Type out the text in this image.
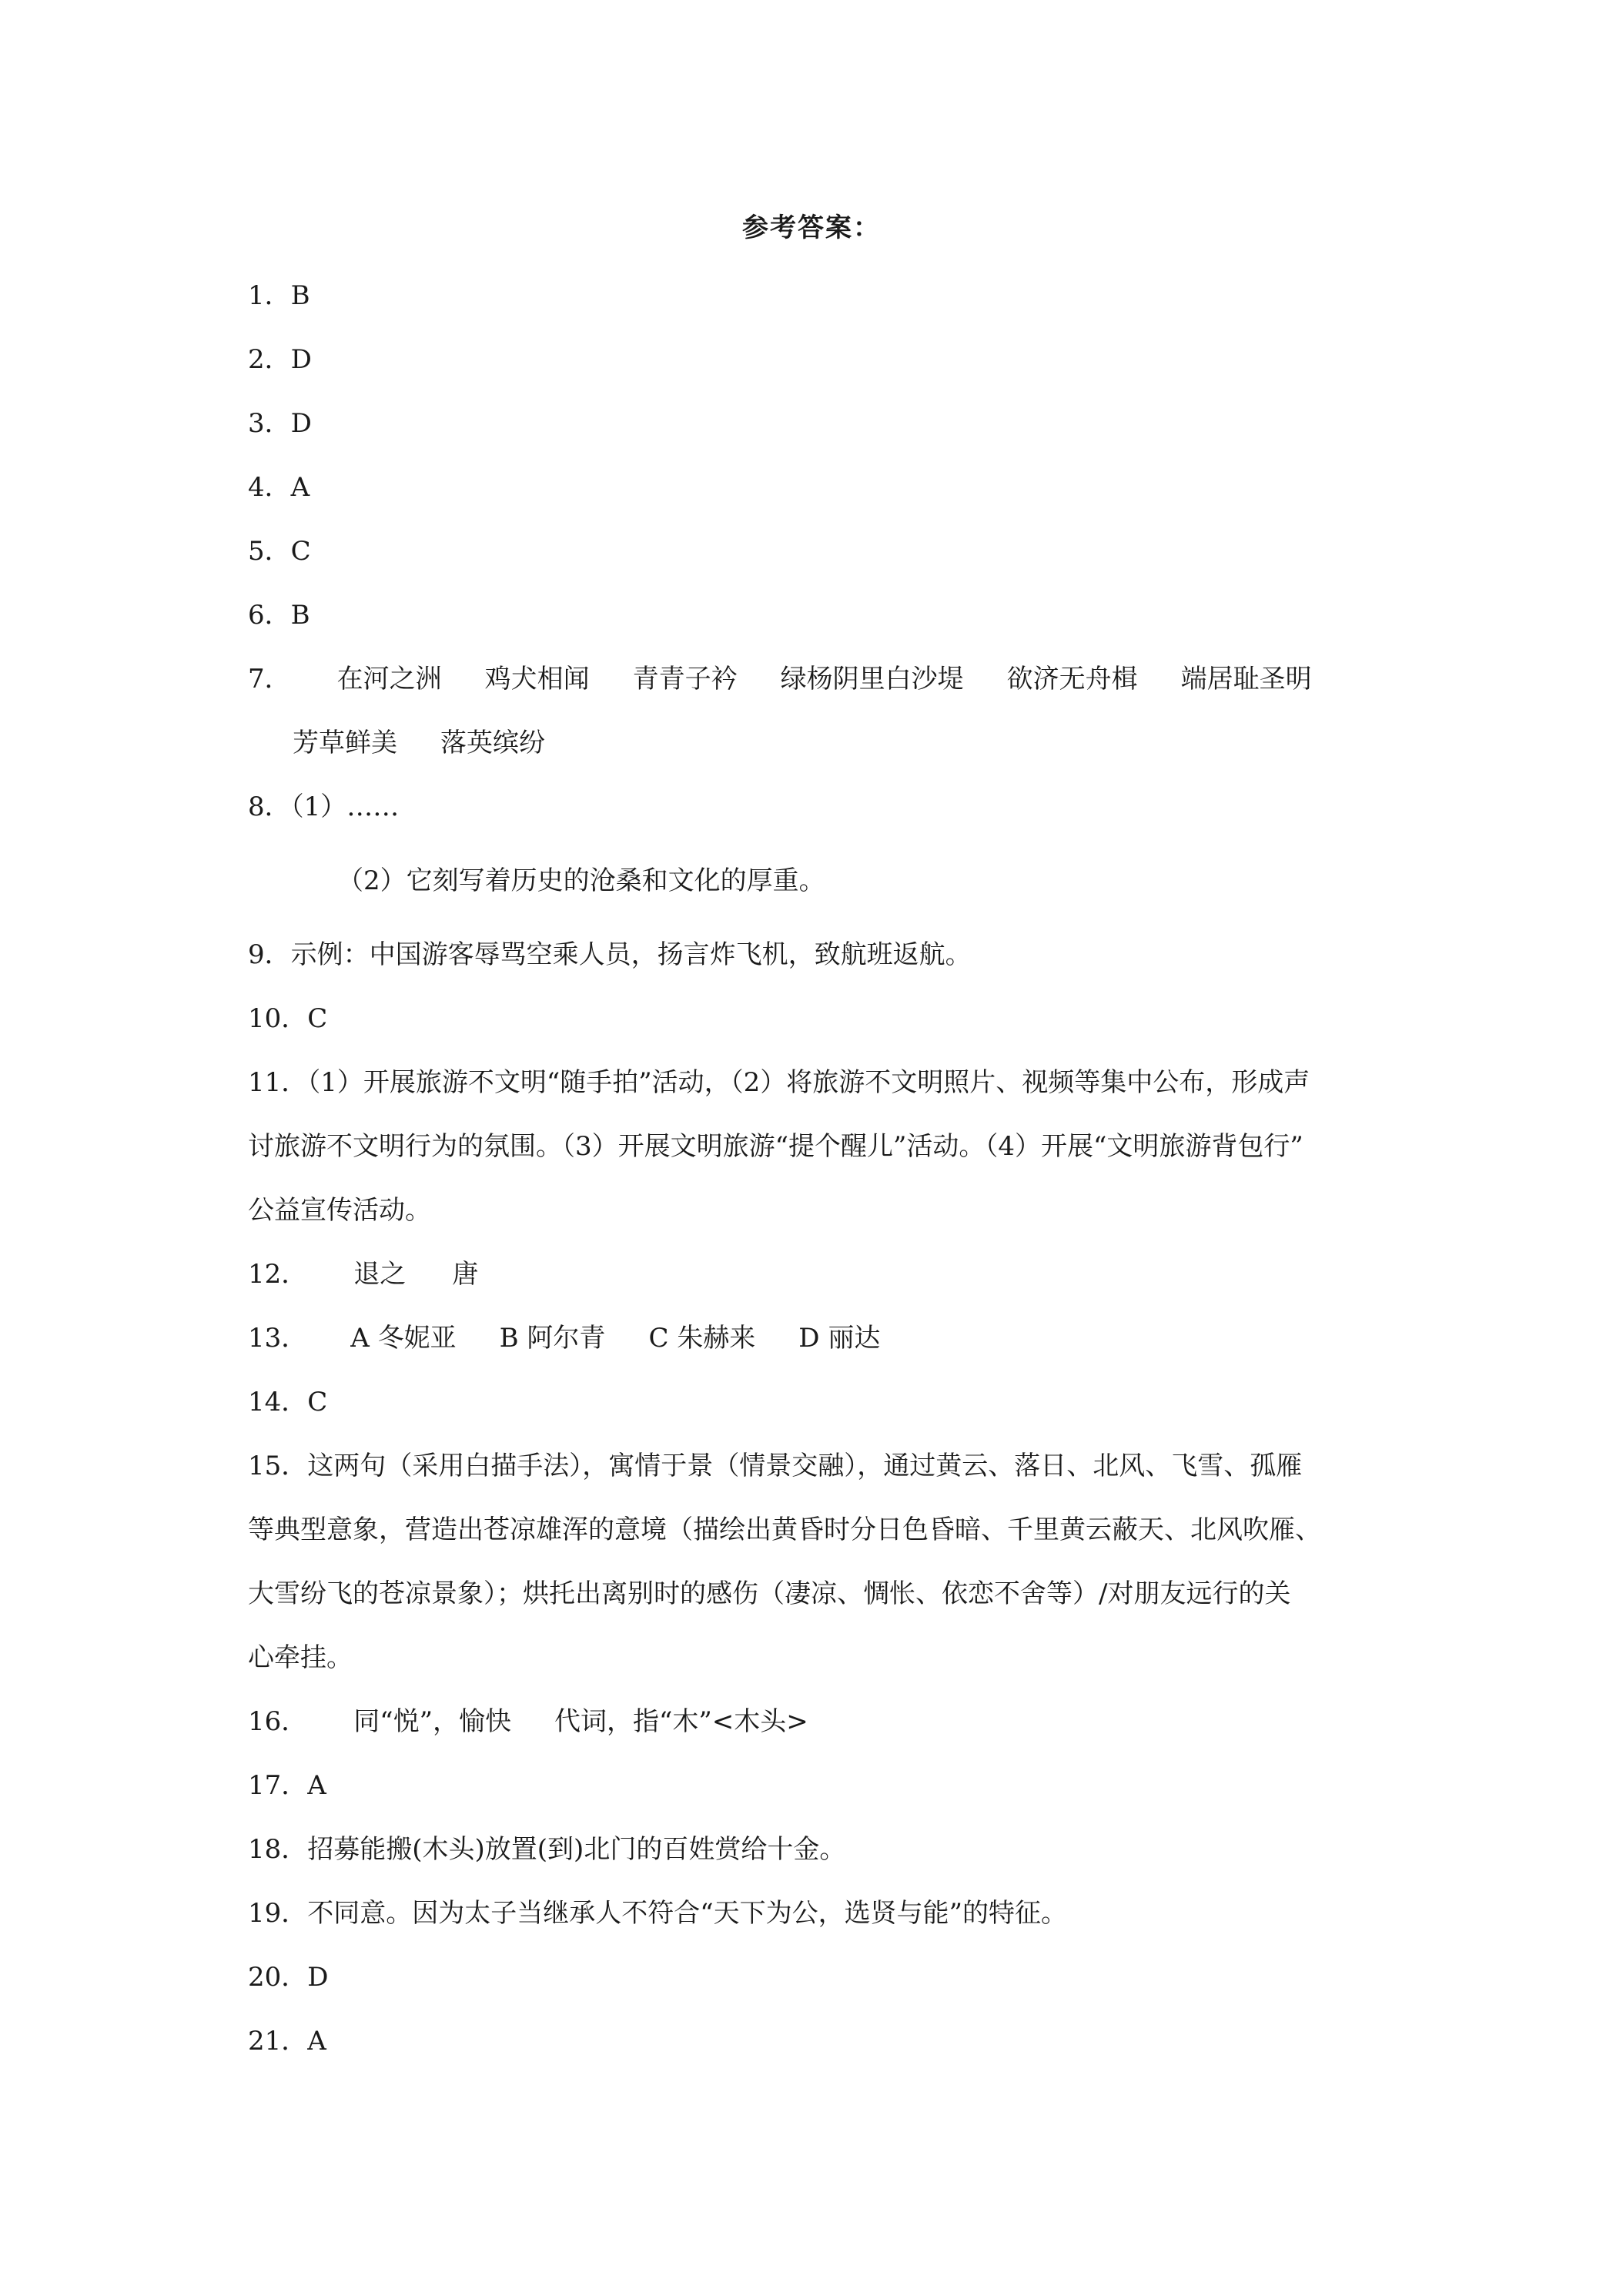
参考答案：
1．B
2．D
3．D
4．A
5．C
6．B
7． 在河之洲 鸡犬相闻 青青子衿 绿杨阴里白沙堤 欲济无舟楫 端居耻圣明
芳草鲜美 落英缤纷
8．（1）……
（2）它刻写着历史的沧桑和文化的厚重。
9．示例：中国游客辱骂空乘人员，扬言炸飞机，致航班返航。
10．C
11．（1）开展旅游不文明“随手拍”活动，（2）将旅游不文明照片、视频等集中公布，形成声
讨旅游不文明行为的氛围。（3）开展文明旅游“提个醒儿”活动。（4）开展“文明旅游背包行”
公益宣传活动。
12． 退之 唐
13． A 冬妮亚 B 阿尔青 C 朱赫来 D 丽达
14．C
15．这两句（采用白描手法），寓情于景（情景交融），通过黄云、落日、北风、飞雪、孤雁
等典型意象，营造出苍凉雄浑的意境（描绘出黄昏时分日色昏暗、千里黄云蔽天、北风吹雁、
大雪纷飞的苍凉景象）；烘托出离别时的感伤（凄凉、惆怅、依恋不舍等）/对朋友远行的关
心牵挂。
16． 同“悦”，愉快 代词，指“木”<木头>
17．A
18．招募能搬(木头)放置(到)北门的百姓赏给十金。
19．不同意。因为太子当继承人不符合“天下为公，选贤与能”的特征。
20．D
21．A
